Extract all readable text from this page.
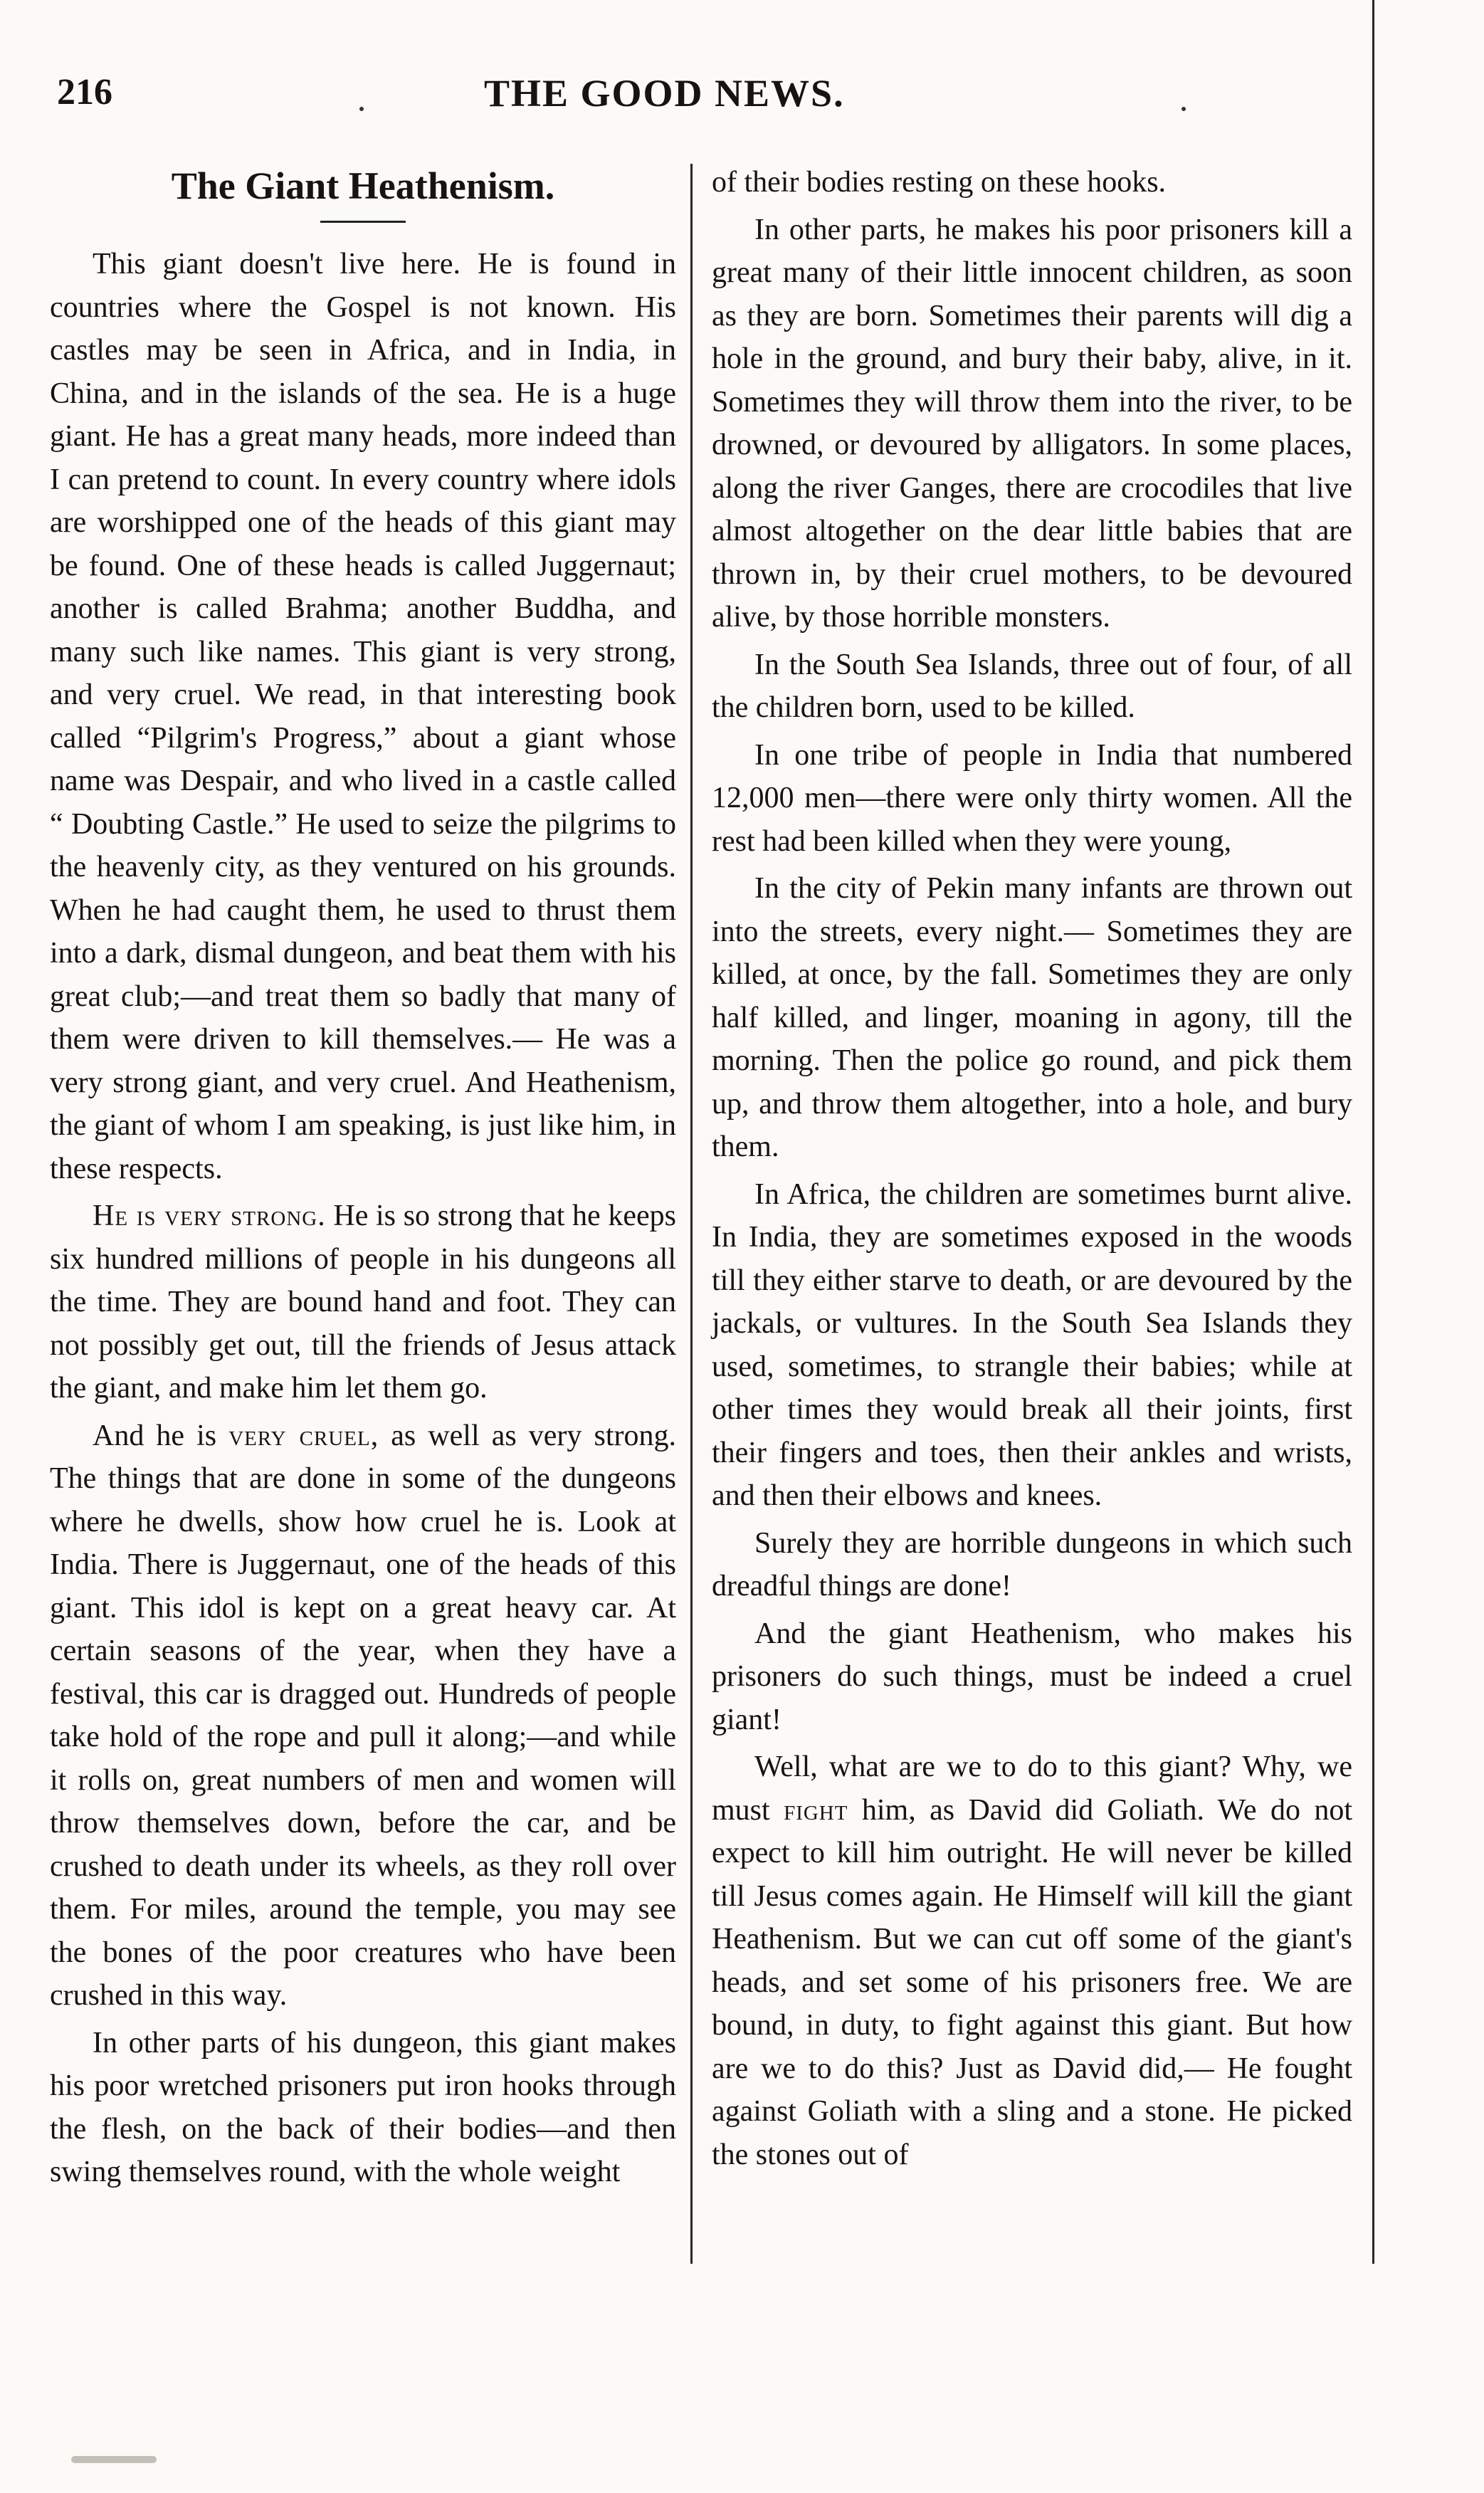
216	THE GOOD NEWS.
The Giant Heathenism.

This giant doesn't live here. He is found in countries where the Gospel is not known. His castles may be seen in Africa, and in India, in China, and in the islands of the sea. He is a huge giant. He has a great many heads, more indeed than I can pretend to count. In every country where idols are worshipped one of the heads of this giant may be found. One of these heads is called Juggernaut; another is called Brahma; another Buddha, and many such like names. This giant is very strong, and very cruel. We read, in that interesting book called “Pilgrim's Progress,” about a giant whose name was Despair, and who lived in a castle called “ Doubting Castle.” He used to seize the pilgrims to the heavenly city, as they ventured on his grounds. When he had caught them, he used to thrust them into a dark, dismal dungeon, and beat them with his great club;—and treat them so badly that many of them were driven to kill themselves.— He was a very strong giant, and very cruel. And Heathenism, the giant of whom I am speaking, is just like him, in these respects.

He is very strong. He is so strong that he keeps six hundred millions of people in his dungeons all the time. They are bound hand and foot. They can not possibly get out, till the friends of Jesus attack the giant, and make him let them go.

And he is very cruel, as well as very strong. The things that are done in some of the dungeons where he dwells, show how cruel he is. Look at India. There is Juggernaut, one of the heads of this giant. This idol is kept on a great heavy car. At certain seasons of the year, when they have a festival, this car is dragged out. Hundreds of people take hold of the rope and pull it along;—and while it rolls on, great numbers of men and women will throw themselves down, before the car, and be crushed to death under its wheels, as they roll over them. For miles, around the temple, you may see the bones of the poor creatures who have been crushed in this way.

In other parts of his dungeon, this giant makes his poor wretched prisoners put iron hooks through the flesh, on the back of their bodies—and then swing themselves round, with the whole weight

of their bodies resting on these hooks.

In other parts, he makes his poor prisoners kill a great many of their little innocent children, as soon as they are born. Sometimes their parents will dig a hole in the ground, and bury their baby, alive, in it. Sometimes they will throw them into the river, to be drowned, or devoured by alligators. In some places, along the river Ganges, there are crocodiles that live almost altogether on the dear little babies that are thrown in, by their cruel mothers, to be devoured alive, by those horrible monsters.

In the South Sea Islands, three out of four, of all the children born, used to be killed.

In one tribe of people in India that numbered 12,000 men—there were only thirty women. All the rest had been killed when they were young,

In the city of Pekin many infants are thrown out into the streets, every night.— Sometimes they are killed, at once, by the fall. Sometimes they are only half killed, and linger, moaning in agony, till the morning. Then the police go round, and pick them up, and throw them altogether, into a hole, and bury them.

In Africa, the children are sometimes burnt alive. In India, they are sometimes exposed in the woods till they either starve to death, or are devoured by the jackals, or vultures. In the South Sea Islands they used, sometimes, to strangle their babies; while at other times they would break all their joints, first their fingers and toes, then their ankles and wrists, and then their elbows and knees.

Surely they are horrible dungeons in which such dreadful things are done!

And the giant Heathenism, who makes his prisoners do such things, must be indeed a cruel giant!

Well, what are we to do to this giant? Why, we must fight him, as David did Goliath. We do not expect to kill him outright. He will never be killed till Jesus comes again. He Himself will kill the giant Heathenism. But we can cut off some of the giant's heads, and set some of his prisoners free. We are bound, in duty, to fight against this giant. But how are we to do this? Just as David did,— He fought against Goliath with a sling and a stone. He picked the stones out of
